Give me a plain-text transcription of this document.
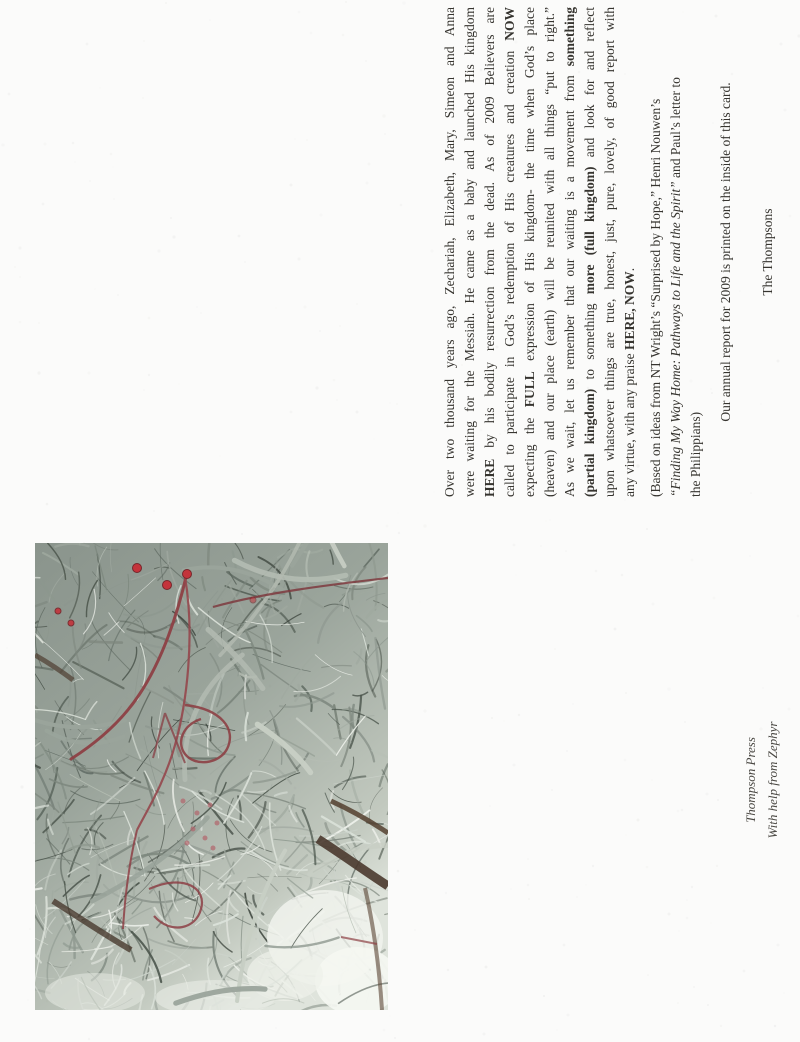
Over two thousand years ago, Zechariah, Elizabeth, Mary, Simeon and Anna were waiting for the Messiah. He came as a baby and launched His kingdom HERE by his bodily resurrection from the dead. As of 2009 Believers are called to participate in God’s redemption of His creatures and creation NOW
expecting the FULL expression of His kingdom- the time when God’s place (heaven) and our place (earth) will be reunited with all things “put to right.” As we wait, let us remember that our waiting is a movement from something
(partial kingdom) to something more (full kingdom) and look for and reflect upon whatsoever things are true, honest, just, pure, lovely, of good report with any virtue, with any praise HERE, NOW. (Based on ideas from NT Wright’s “Surprised by Hope,” Henri Nouwen’s “Finding My Way Home: Pathways to Life and the Spirit” and Paul’s letter to
the Philippians)
Our annual report for 2009 is printed on the inside of this card. The Thompsons
Thompson Press With help from Zephyr
